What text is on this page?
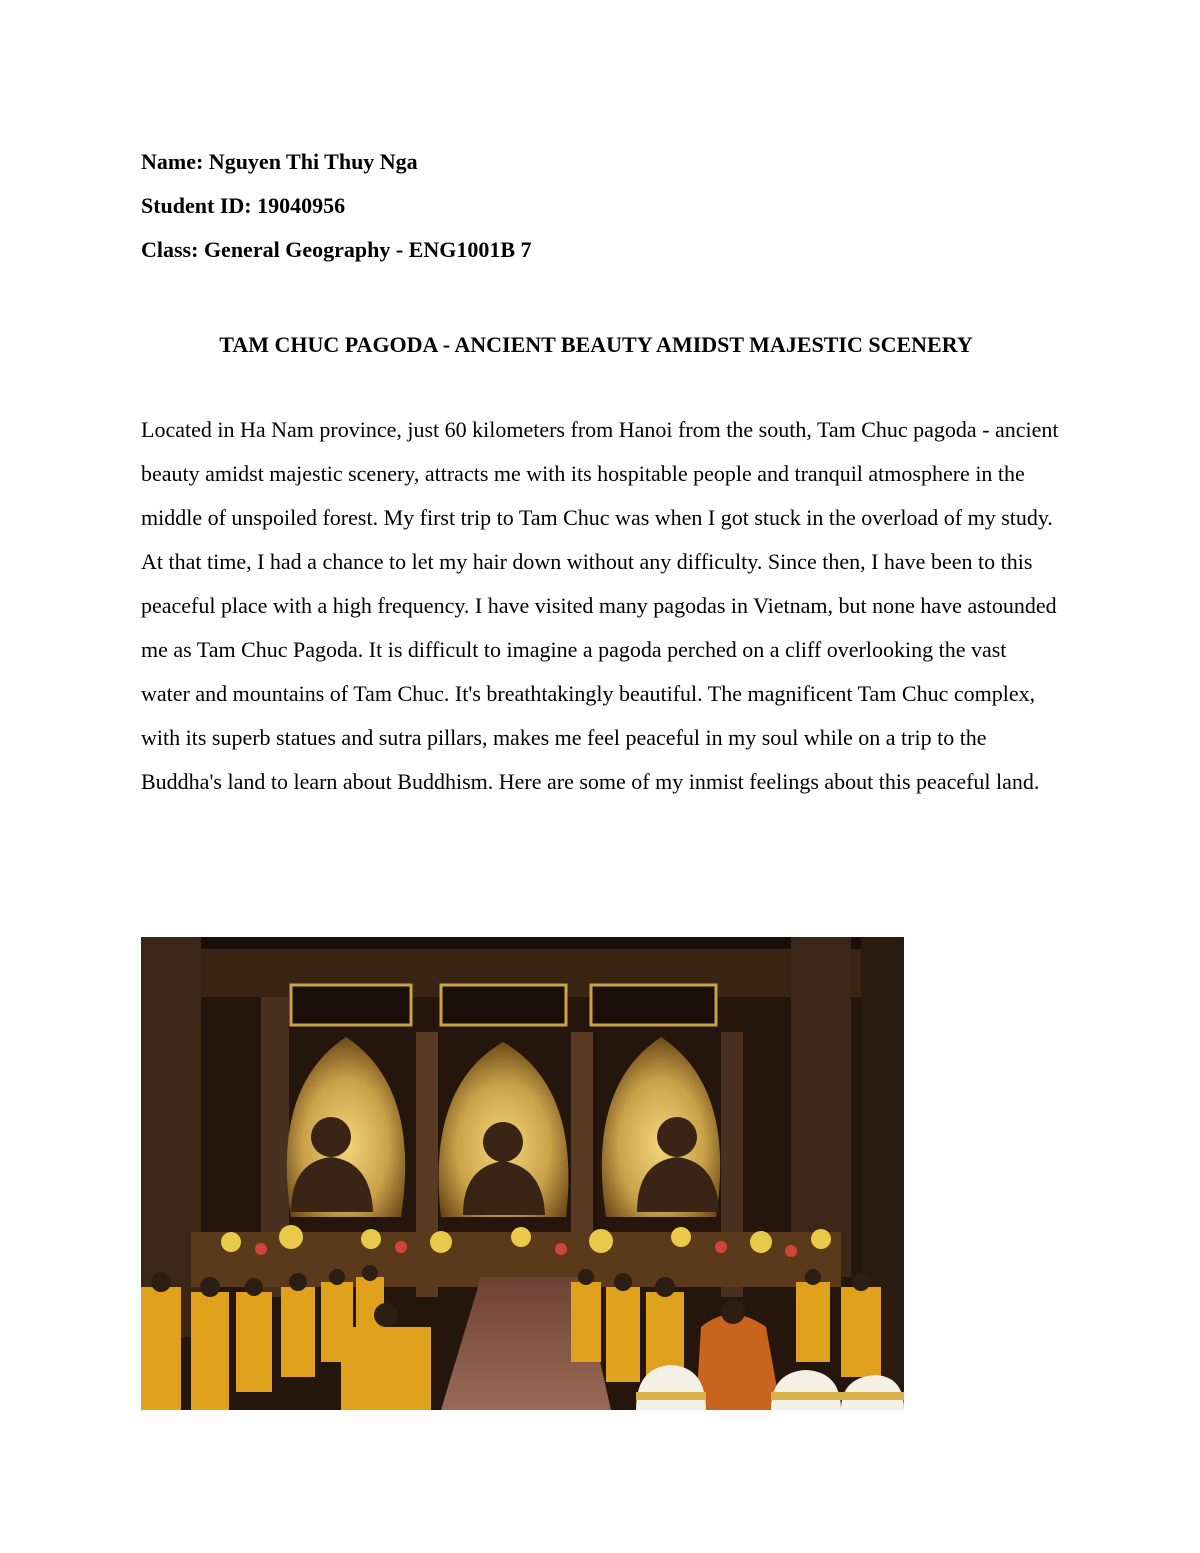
Name: Nguyen Thi Thuy Nga

Student ID: 19040956

Class: General Geography - ENG1001B 7

TAM CHUC PAGODA - ANCIENT BEAUTY AMIDST MAJESTIC SCENERY

Located in Ha Nam province, just 60 kilometers from Hanoi from the south, Tam Chuc pagoda - ancient beauty amidst majestic scenery, attracts me with its hospitable people and tranquil atmosphere in the middle of unspoiled forest. My first trip to Tam Chuc was when I got stuck in the overload of my study. At that time, I had a chance to let my hair down without any difficulty. Since then, I have been to this peaceful place with a high frequency. I have visited many pagodas in Vietnam, but none have astounded me as Tam Chuc Pagoda. It is difficult to imagine a pagoda perched on a cliff overlooking the vast water and mountains of Tam Chuc. It's breathtakingly beautiful. The magnificent Tam Chuc complex, with its superb statues and sutra pillars, makes me feel peaceful in my soul while on a trip to the Buddha's land to learn about Buddhism. Here are some of my inmist feelings about this peaceful land.
